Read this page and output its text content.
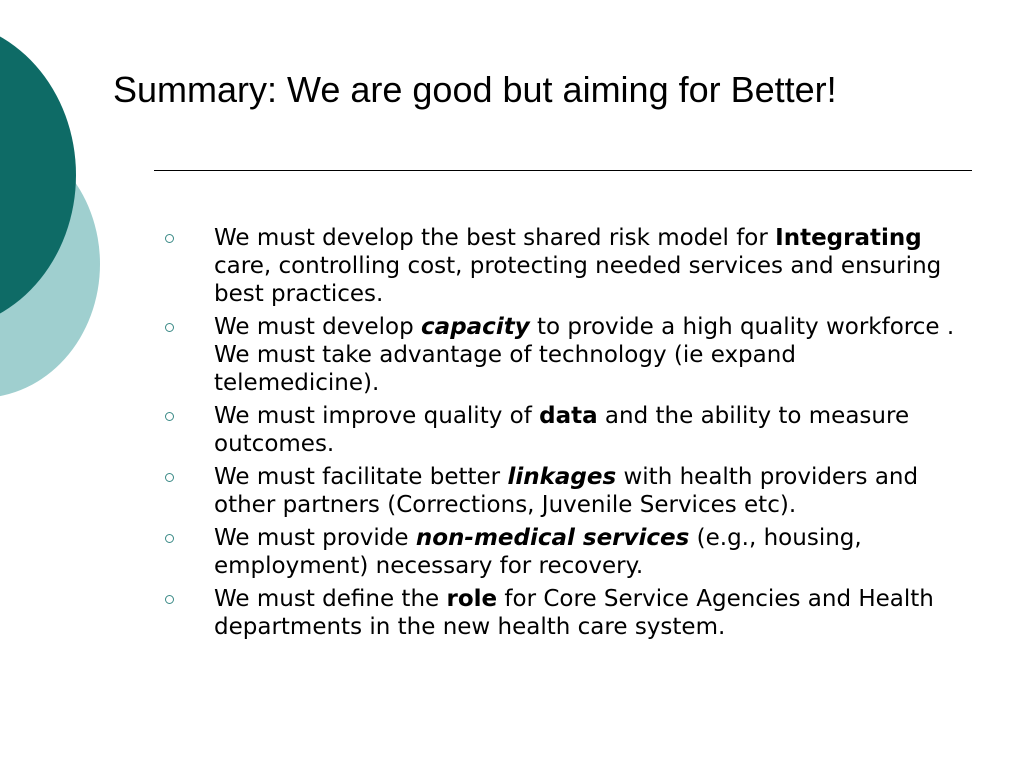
Summary: We are good but aiming for Better!
We must develop the best shared risk model for Integrating care, controlling cost, protecting needed services and ensuring best practices.
We must develop capacity to provide a high quality workforce . We must take advantage of technology (ie expand telemedicine).
We must improve quality of data and the ability to measure outcomes.
We must facilitate better linkages with health providers and other partners (Corrections, Juvenile Services etc).
We must provide non-medical services (e.g., housing, employment) necessary for recovery.
We must define the role for Core Service Agencies and Health departments in the new health care system.
